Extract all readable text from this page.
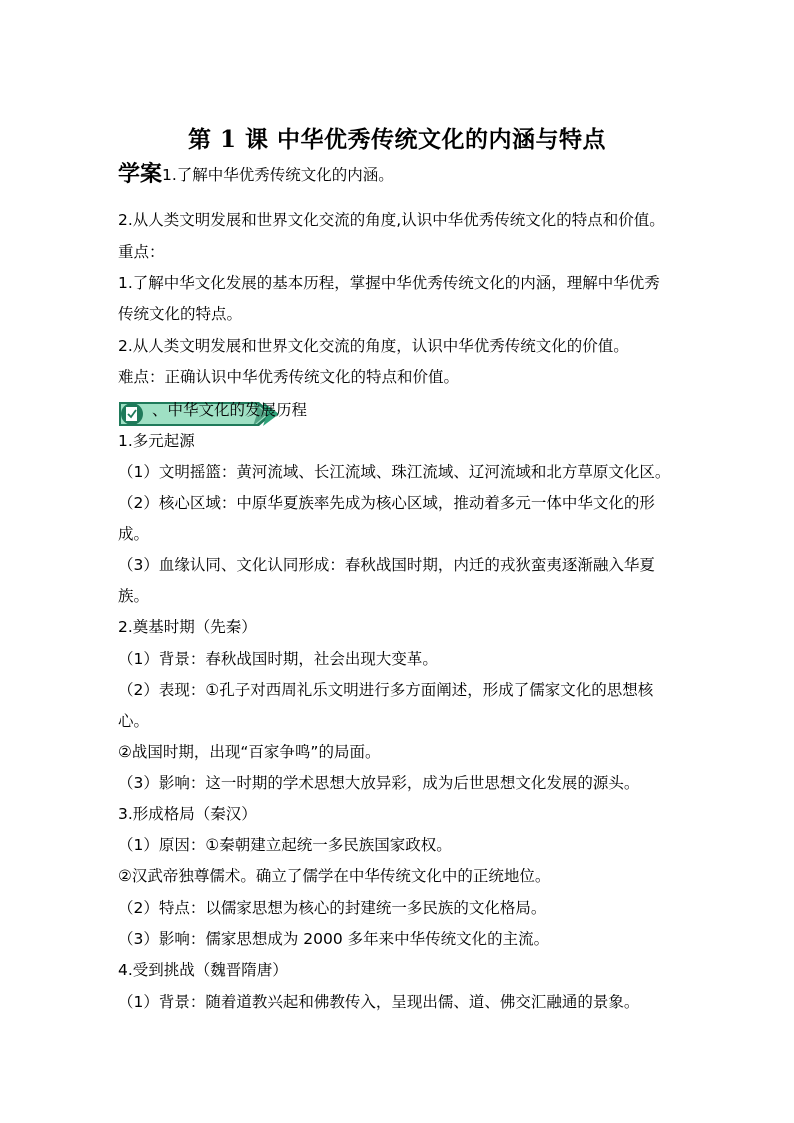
第 1 课 中华优秀传统文化的内涵与特点
学案1.了解中华优秀传统文化的内涵。
2.从人类文明发展和世界文化交流的角度,认识中华优秀传统文化的特点和价值。
重点：
1.了解中华文化发展的基本历程，掌握中华优秀传统文化的内涵，理解中华优秀
传统文化的特点。
2.从人类文明发展和世界文化交流的角度，认识中华优秀传统文化的价值。
难点：正确认识中华优秀传统文化的特点和价值。
、中华文化的发展历程
1.多元起源
（1）文明摇篮：黄河流域、长江流域、珠江流域、辽河流域和北方草原文化区。
（2）核心区域：中原华夏族率先成为核心区域，推动着多元一体中华文化的形
成。
（3）血缘认同、文化认同形成：春秋战国时期，内迁的戎狄蛮夷逐渐融入华夏
族。
2.奠基时期（先秦）
（1）背景：春秋战国时期，社会出现大变革。
（2）表现：①孔子对西周礼乐文明进行多方面阐述，形成了儒家文化的思想核
心。
②战国时期，出现“百家争鸣”的局面。
（3）影响：这一时期的学术思想大放异彩，成为后世思想文化发展的源头。
3.形成格局（秦汉）
（1）原因：①秦朝建立起统一多民族国家政权。
②汉武帝独尊儒术。确立了儒学在中华传统文化中的正统地位。
（2）特点：以儒家思想为核心的封建统一多民族的文化格局。
（3）影响：儒家思想成为 2000 多年来中华传统文化的主流。
4.受到挑战（魏晋隋唐）
（1）背景：随着道教兴起和佛教传入，呈现出儒、道、佛交汇融通的景象。
